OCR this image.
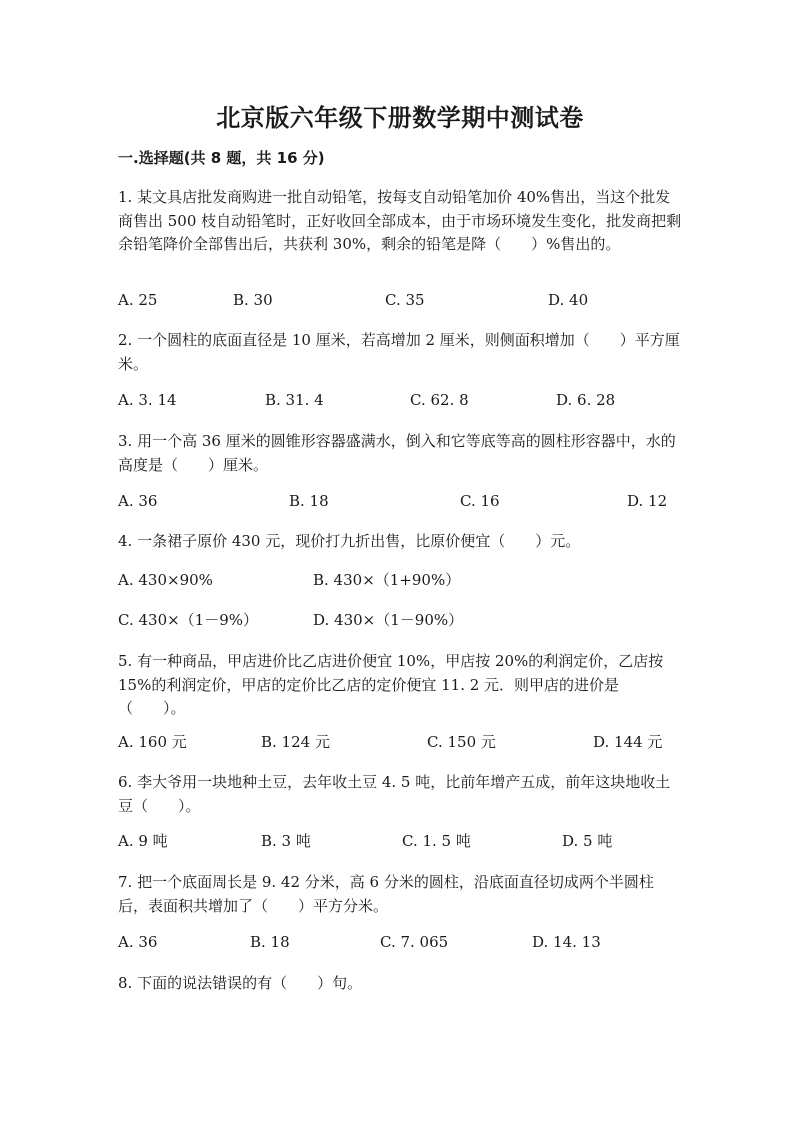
北京版六年级下册数学期中测试卷
一.选择题(共 8 题，共 16 分)
1. 某文具店批发商购进一批自动铅笔，按每支自动铅笔加价 40%售出，当这个批发商售出 500 枝自动铅笔时，正好收回全部成本，由于市场环境发生变化，批发商把剩余铅笔降价全部售出后，共获利 30%，剩余的铅笔是降（　　）%售出的。
A. 25	B. 30	C. 35	D. 40
2. 一个圆柱的底面直径是 10 厘米，若高增加 2 厘米，则侧面积增加（　　）平方厘米。
A. 3. 14	B. 31. 4	C. 62. 8	D. 6. 28
3. 用一个高 36 厘米的圆锥形容器盛满水，倒入和它等底等高的圆柱形容器中，水的高度是（　　）厘米。
A. 36	B. 18	C. 16	D. 12
4. 一条裙子原价 430 元，现价打九折出售，比原价便宜（　　）元。
A. 430×90%	B. 430×（1+90%）
C. 430×（1－9%）	D. 430×（1－90%）
5. 有一种商品，甲店进价比乙店进价便宜 10%，甲店按 20%的利润定价，乙店按 15%的利润定价，甲店的定价比乙店的定价便宜 11. 2 元．则甲店的进价是（　　）。
A. 160 元	B. 124 元	C. 150 元	D. 144 元
6. 李大爷用一块地种土豆，去年收土豆 4. 5 吨，比前年增产五成，前年这块地收土豆（　　）。
A. 9 吨	B. 3 吨	C. 1. 5 吨	D. 5 吨
7. 把一个底面周长是 9. 42 分米，高 6 分米的圆柱，沿底面直径切成两个半圆柱后，表面积共增加了（　　）平方分米。
A. 36	B. 18	C. 7. 065	D. 14. 13
8. 下面的说法错误的有（　　）句。
